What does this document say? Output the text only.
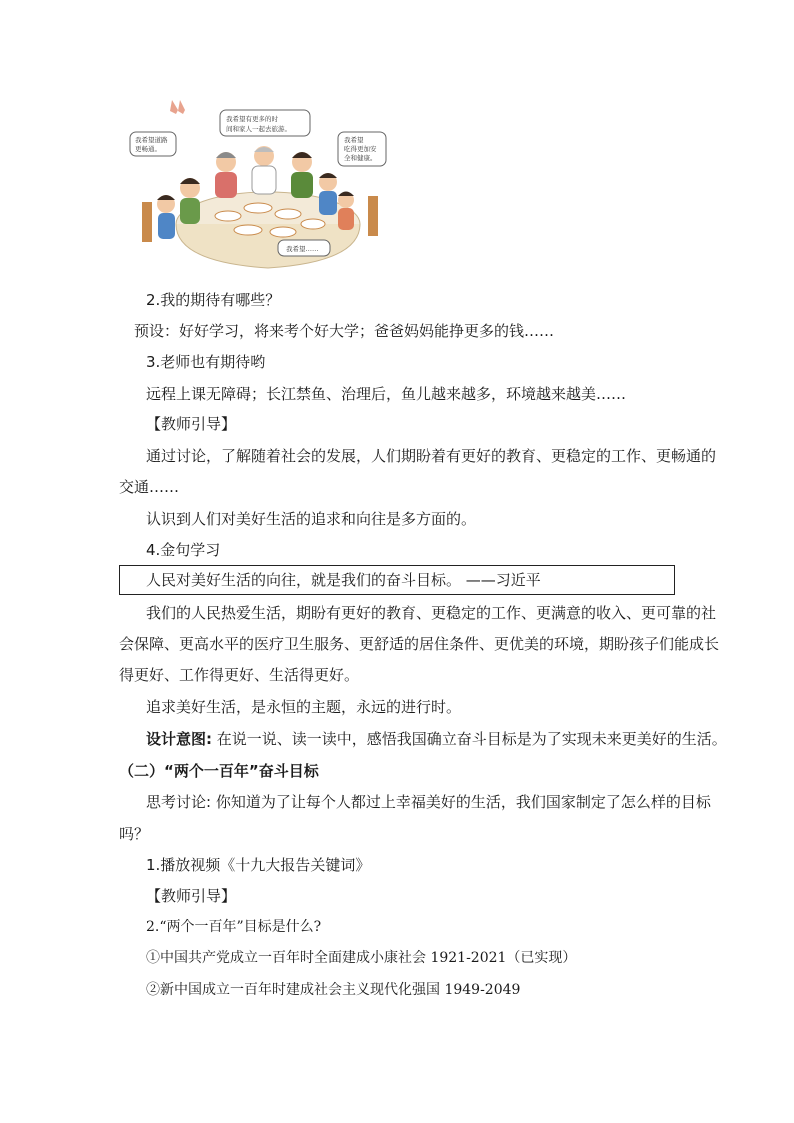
我希望道路
更畅通。
我希望有更多的时
间和家人一起去旅游。
我希望
吃得更加安
全和健康。
我希望……
2.我的期待有哪些？
预设：好好学习，将来考个好大学；爸爸妈妈能挣更多的钱……
3.老师也有期待哟
远程上课无障碍；长江禁鱼、治理后，鱼儿越来越多，环境越来越美……
【教师引导】
通过讨论，了解随着社会的发展，人们期盼着有更好的教育、更稳定的工作、更畅通的
交通……
认识到人们对美好生活的追求和向往是多方面的。
4.金句学习
人民对美好生活的向往，就是我们的奋斗目标。 ——习近平
我们的人民热爱生活，期盼有更好的教育、更稳定的工作、更满意的收入、更可靠的社
会保障、更高水平的医疗卫生服务、更舒适的居住条件、更优美的环境，期盼孩子们能成长
得更好、工作得更好、生活得更好。
追求美好生活，是永恒的主题，永远的进行时。
设计意图: 在说一说、读一读中，感悟我国确立奋斗目标是为了实现未来更美好的生活。
（二）“两个一百年”奋斗目标
思考讨论: 你知道为了让每个人都过上幸福美好的生活，我们国家制定了怎么样的目标
吗？
1.播放视频《十九大报告关键词》
【教师引导】
2.“两个一百年”目标是什么?
①中国共产党成立一百年时全面建成小康社会 1921-2021（已实现）
②新中国成立一百年时建成社会主义现代化强国 1949-2049
